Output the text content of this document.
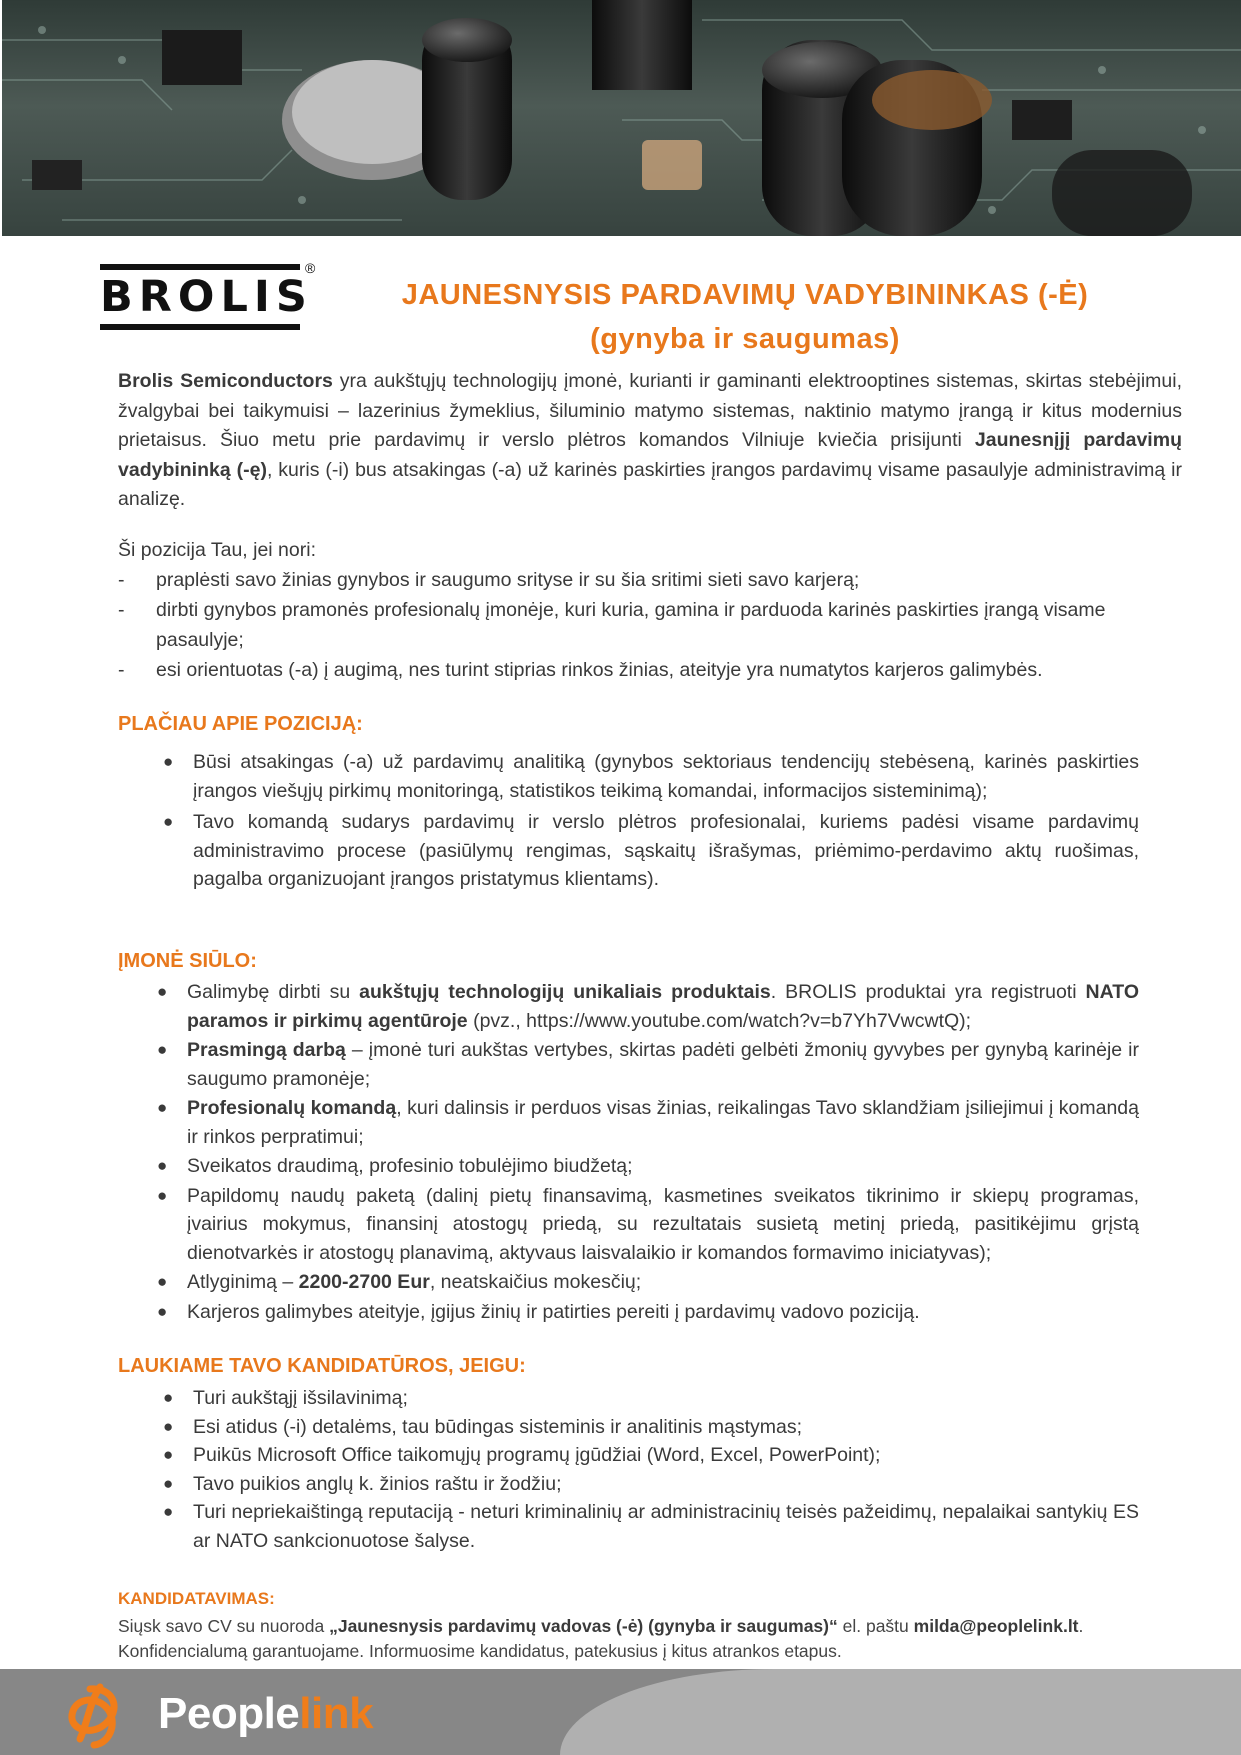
BROLIS
®
JAUNESNYSIS PARDAVIMŲ VADYBININKAS (-Ė)
(gynyba ir saugumas)
Brolis Semiconductors yra aukštųjų technologijų įmonė, kurianti ir gaminanti elektrooptines sistemas, skirtas stebėjimui, žvalgybai bei taikymuisi – lazerinius žymeklius, šiluminio matymo sistemas, naktinio matymo įrangą ir kitus modernius prietaisus. Šiuo metu prie pardavimų ir verslo plėtros komandos Vilniuje kviečia prisijunti Jaunesnįjį pardavimų vadybininką (-ę), kuris (-i) bus atsakingas (-a) už karinės paskirties įrangos pardavimų visame pasaulyje administravimą ir analizę.
Ši pozicija Tau, jei nori:
- praplėsti savo žinias gynybos ir saugumo srityse ir su šia sritimi sieti savo karjerą;
- dirbti gynybos pramonės profesionalų įmonėje, kuri kuria, gamina ir parduoda karinės paskirties įrangą visame pasaulyje;
- esi orientuotas (-a) į augimą, nes turint stiprias rinkos žinias, ateityje yra numatytos karjeros galimybės.
PLAČIAU APIE POZICIJĄ:
● Būsi atsakingas (-a) už pardavimų analitiką (gynybos sektoriaus tendencijų stebėseną, karinės paskirties įrangos viešųjų pirkimų monitoringą, statistikos teikimą komandai, informacijos sisteminimą);
● Tavo komandą sudarys pardavimų ir verslo plėtros profesionalai, kuriems padėsi visame pardavimų administravimo procese (pasiūlymų rengimas, sąskaitų išrašymas, priėmimo-perdavimo aktų ruošimas, pagalba organizuojant įrangos pristatymus klientams).
ĮMONĖ SIŪLO:
● Galimybę dirbti su aukštųjų technologijų unikaliais produktais. BROLIS produktai yra registruoti NATO paramos ir pirkimų agentūroje (pvz., https://www.youtube.com/watch?v=b7Yh7VwcwtQ);
● Prasmingą darbą – įmonė turi aukštas vertybes, skirtas padėti gelbėti žmonių gyvybes per gynybą karinėje ir saugumo pramonėje;
● Profesionalų komandą, kuri dalinsis ir perduos visas žinias, reikalingas Tavo sklandžiam įsiliejimui į komandą ir rinkos perpratimui;
● Sveikatos draudimą, profesinio tobulėjimo biudžetą;
● Papildomų naudų paketą (dalinį pietų finansavimą, kasmetines sveikatos tikrinimo ir skiepų programas, įvairius mokymus, finansinį atostogų priedą, su rezultatais susietą metinį priedą, pasitikėjimu grįstą dienotvarkės ir atostogų planavimą, aktyvaus laisvalaikio ir komandos formavimo iniciatyvas);
● Atlyginimą – 2200-2700 Eur, neatskaičius mokesčių;
● Karjeros galimybes ateityje, įgijus žinių ir patirties pereiti į pardavimų vadovo poziciją.
LAUKIAME TAVO KANDIDATŪROS, JEIGU:
● Turi aukštąjį išsilavinimą;
● Esi atidus (-i) detalėms, tau būdingas sisteminis ir analitinis mąstymas;
● Puikūs Microsoft Office taikomųjų programų įgūdžiai (Word, Excel, PowerPoint);
● Tavo puikios anglų k. žinios raštu ir žodžiu;
● Turi nepriekaištingą reputaciją - neturi kriminalinių ar administracinių teisės pažeidimų, nepalaikai santykių ES ar NATO sankcionuotose šalyse.
KANDIDATAVIMAS:
Siųsk savo CV su nuoroda „Jaunesnysis pardavimų vadovas (-ė) (gynyba ir saugumas)“ el. paštu milda@peoplelink.lt.
Konfidencialumą garantuojame. Informuosime kandidatus, patekusius į kitus atrankos etapus.
Peoplelink
